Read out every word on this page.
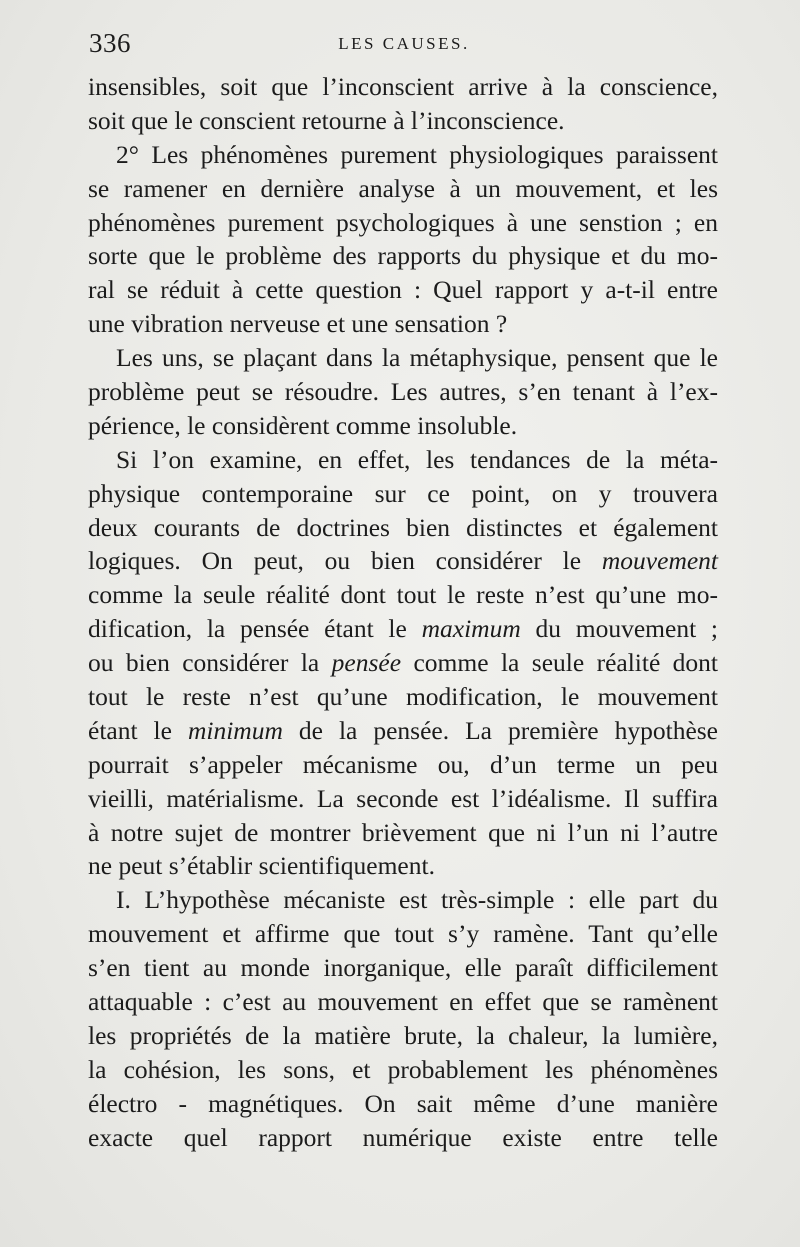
336	LES CAUSES.
insensibles, soit que l’inconscient arrive à la conscience,
soit que le conscient retourne à l’inconscience.
2° Les phénomènes purement physiologiques paraissent
se ramener en dernière analyse à un mouvement, et les
phénomènes purement psychologiques à une senstion ; en
sorte que le problème des rapports du physique et du mo-
ral se réduit à cette question : Quel rapport y a-t-il entre
une vibration nerveuse et une sensation ?
Les uns, se plaçant dans la métaphysique, pensent que le
problème peut se résoudre. Les autres, s’en tenant à l’ex-
périence, le considèrent comme insoluble.
Si l’on examine, en effet, les tendances de la méta-
physique contemporaine sur ce point, on y trouvera
deux courants de doctrines bien distinctes et également
logiques. On peut, ou bien considérer le mouvement
comme la seule réalité dont tout le reste n’est qu’une mo-
dification, la pensée étant le maximum du mouvement ;
ou bien considérer la pensée comme la seule réalité dont
tout le reste n’est qu’une modification, le mouvement
étant le minimum de la pensée. La première hypothèse
pourrait s’appeler mécanisme ou, d’un terme un peu
vieilli, matérialisme. La seconde est l’idéalisme. Il suffira
à notre sujet de montrer brièvement que ni l’un ni l’autre
ne peut s’établir scientifiquement.
I. L’hypothèse mécaniste est très-simple : elle part du
mouvement et affirme que tout s’y ramène. Tant qu’elle
s’en tient au monde inorganique, elle paraît difficilement
attaquable : c’est au mouvement en effet que se ramènent
les propriétés de la matière brute, la chaleur, la lumière,
la cohésion, les sons, et probablement les phénomènes
électro - magnétiques. On sait même d’une manière
exacte quel rapport numérique existe entre telle
